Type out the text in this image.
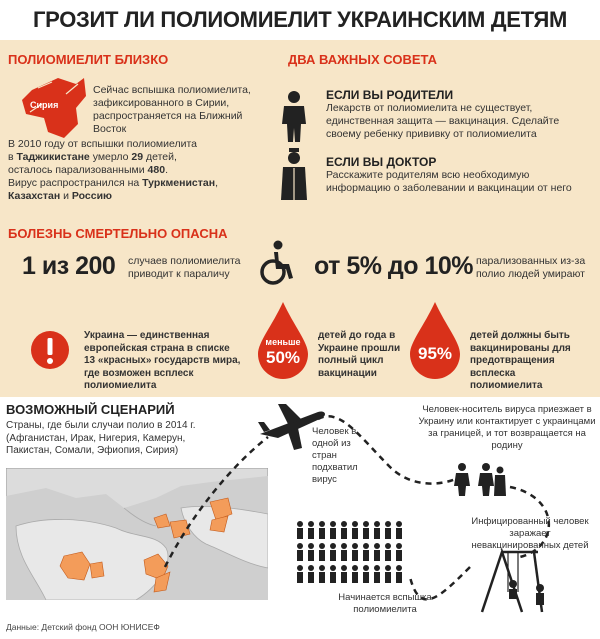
ГРОЗИТ ЛИ ПОЛИОМИЕЛИТ УКРАИНСКИМ ДЕТЯМ
ПОЛИОМИЕЛИТ БЛИЗКО
Сирия
Сейчас вспышка полиомиелита, зафиксированного в Сирии, распространяется на Ближний Восток
В 2010 году от вспышки полиомиелита
в Таджикистане умерло 29 детей,
осталось парализованными 480.
Вирус распространился на Туркменистан,
Казахстан и Россию
ДВА ВАЖНЫХ СОВЕТА
ЕСЛИ ВЫ РОДИТЕЛИ
Лекарств от полиомиелита не существует, единственная защита — вакцинация. Сделайте своему ребенку прививку от полиомиелита
ЕСЛИ ВЫ ДОКТОР
Расскажите родителям всю необходимую информацию о заболевании и вакцинации от него
БОЛЕЗНЬ СМЕРТЕЛЬНО ОПАСНА
1 из 200 случаев полиомиелита приводит к параличу	от 5% до 10% парализованных из-за полио людей умирают
Украина — единственная европейская страна в списке 13 «красных» государств мира, где возможен всплеск полиомиелита
меньше
50%
детей до года в Украине прошли полный цикл вакцинации
95%
детей должны быть вакцинированы для предотвращения всплеска полиомиелита
ВОЗМОЖНЫЙ СЦЕНАРИЙ
Страны, где были случаи полио в 2014 г. (Афганистан, Ирак, Нигерия, Камерун, Пакистан, Сомали, Эфиопия, Сирия)
Человек в одной из стран подхватил вирус
Человек-носитель вируса приезжает в Украину или контактирует с украинцами за границей, и тот возвращается на родину
Инфицированный человек заражает невакцинированных детей
Начинается вспышка полиомиелита
Данные: Детский фонд ООН ЮНИСЕФ
